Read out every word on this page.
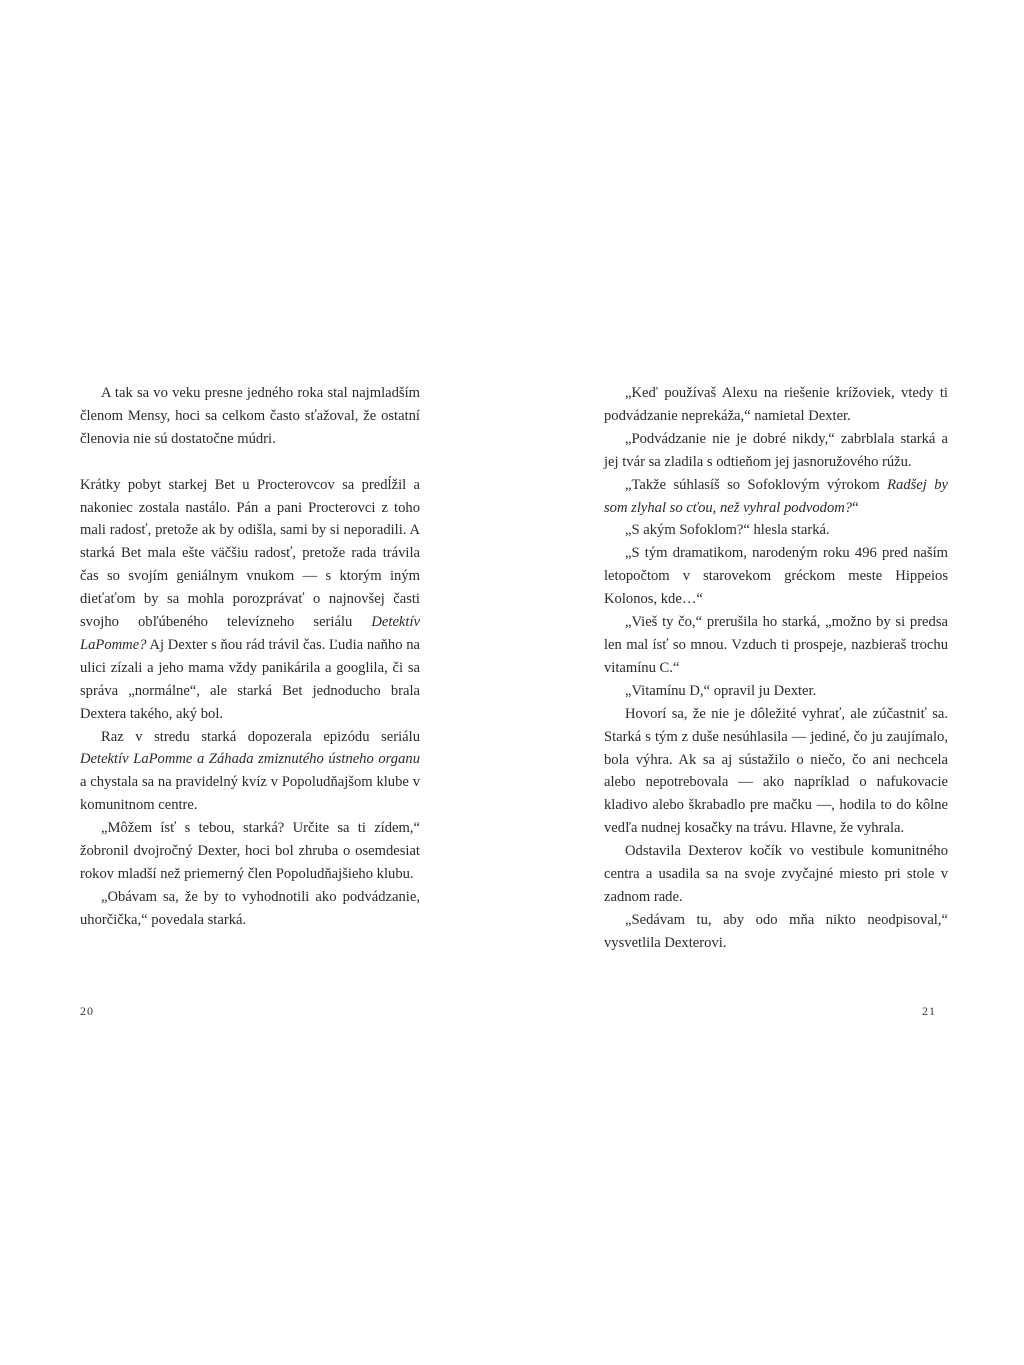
A tak sa vo veku presne jedného roka stal najmladším členom Mensy, hoci sa celkom často sťažoval, že ostatní členovia nie sú dostatočne múdri.

Krátky pobyt starkej Bet u Procterovcov sa predĺžil a nakoniec zostala nastálo. Pán a pani Procterovci z toho mali radosť, pretože ak by odišla, sami by si neporadili. A starká Bet mala ešte väčšiu radosť, pretože rada trávila čas so svojím geniálnym vnukom — s ktorým iným dieťaťom by sa mohla porozprávať o najnovšej časti svojho obľúbeného televízneho seriálu Detektív LaPomme? Aj Dexter s ňou rád trávil čas. Ľudia naňho na ulici zízali a jeho mama vždy panikárila a googlila, či sa správa „normálne“, ale starká Bet jednoducho brala Dextera takého, aký bol.

Raz v stredu starká dopozerala epizódu seriálu Detektív LaPomme a Záhada zmiznutého ústneho organu a chystala sa na pravidelný kvíz v Popoludňajšom klube v komunitnom centre.

„Môžem ísť s tebou, starká? Určite sa ti zídem,“ žobronil dvojročný Dexter, hoci bol zhruba o osemdesiat rokov mladší než priemerný člen Popoludňajšieho klubu.

„Obávam sa, že by to vyhodnotili ako podvádzanie, uhorčička,“ povedala starká.

20

„Keď používaš Alexu na riešenie krížoviek, vtedy ti podvádzanie neprekáža,“ namietal Dexter.

„Podvádzanie nie je dobré nikdy,“ zabrblala starká a jej tvár sa zladila s odtieňom jej jasnoružového rúžu.

„Takže súhlasíš so Sofoklovým výrokom Radšej by som zlyhal so cťou, než vyhral podvodom?“

„S akým Sofoklom?“ hlesla starká.

„S tým dramatikom, narodeným roku 496 pred naším letopočtom v starovekom gréckom meste Hippeios Kolonos, kde…“

„Vieš ty čo,“ prerušila ho starká, „možno by si predsa len mal ísť so mnou. Vzduch ti prospeje, nazbieraš trochu vitamínu C.“

„Vitamínu D,“ opravil ju Dexter.

Hovorí sa, že nie je dôležité vyhrať, ale zúčastniť sa. Starká s tým z duše nesúhlasila — jediné, čo ju zaujímalo, bola výhra. Ak sa aj sústažilo o niečo, čo ani nechcela alebo nepotrebovala — ako napríklad o nafukovacie kladivo alebo škrabadlo pre mačku —, hodila to do kôlne vedľa nudnej kosačky na trávu. Hlavne, že vyhrala.

Odstavila Dexterov kočík vo vestibule komunitného centra a usadila sa na svoje zvyčajné miesto pri stole v zadnom rade.

„Sedávam tu, aby odo mňa nikto neodpisoval,“ vysvetlila Dexterovi.

21
